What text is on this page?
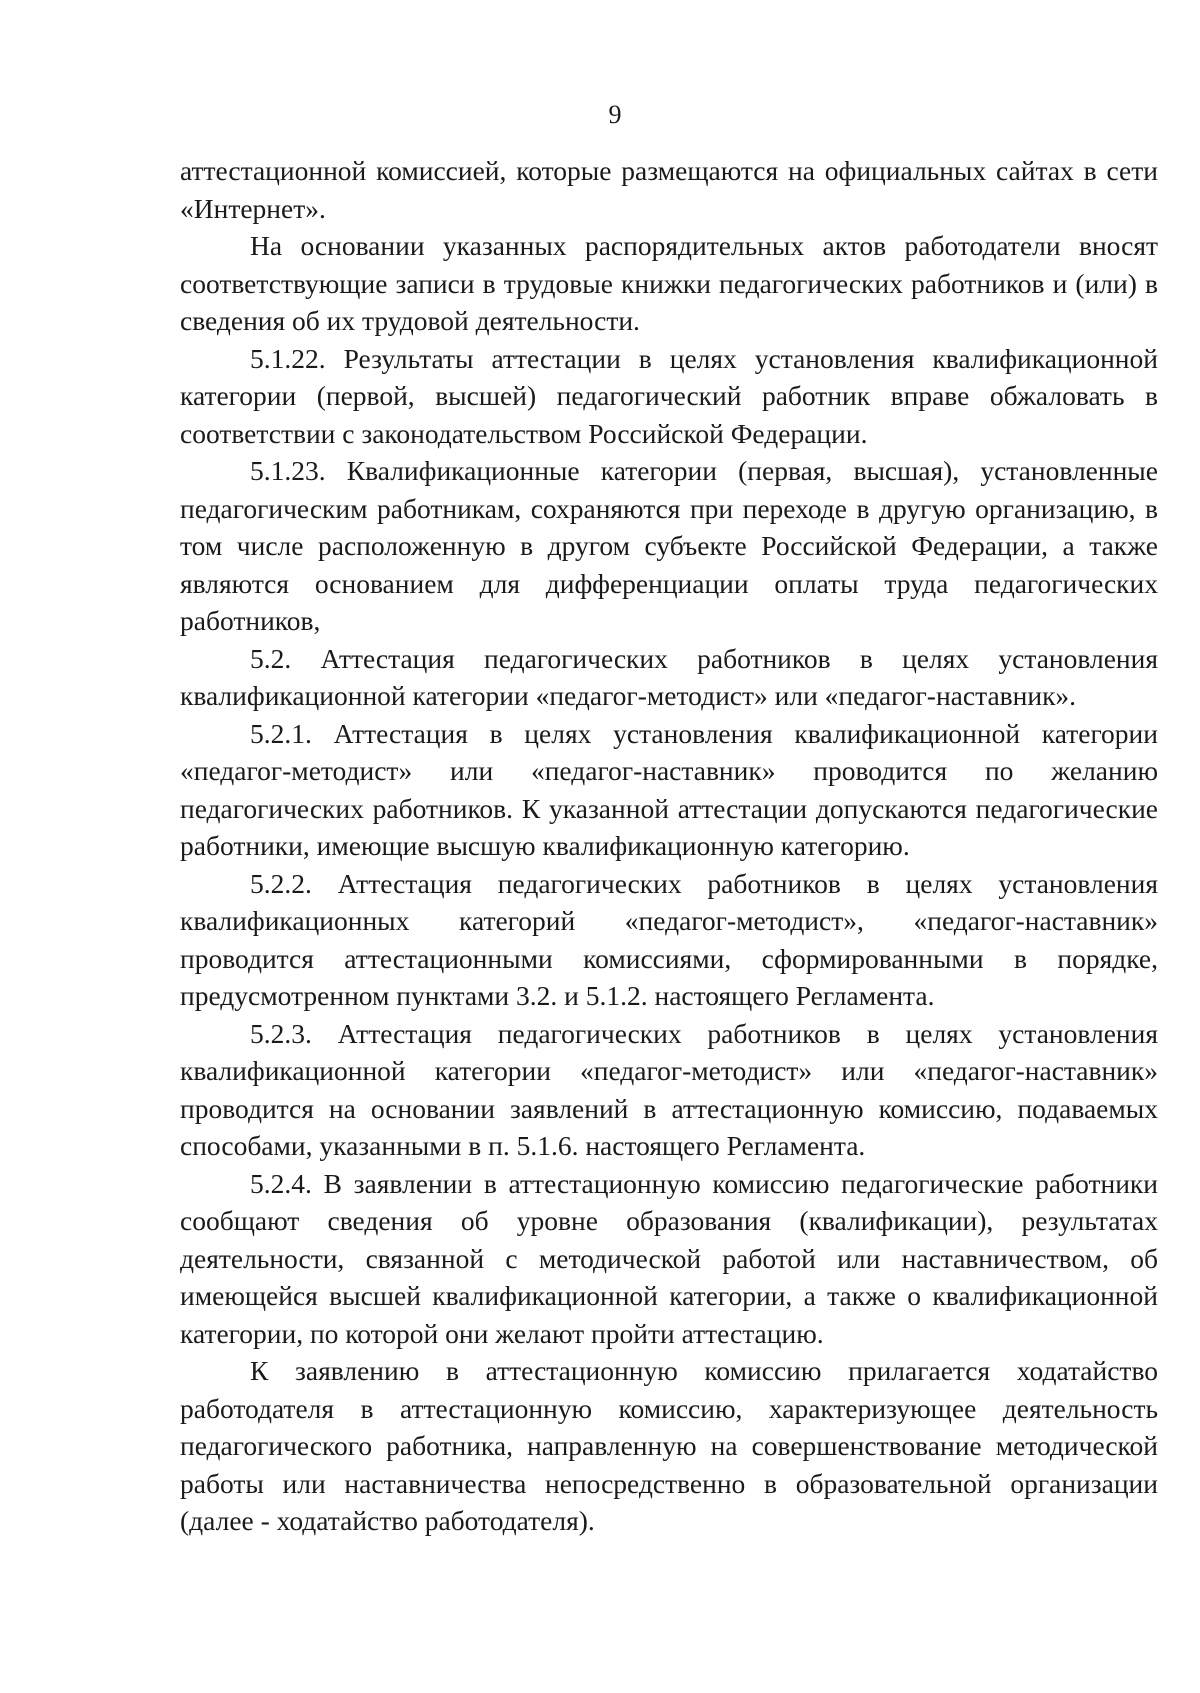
9

аттестационной комиссией, которые размещаются на официальных сайтах в сети «Интернет».

На основании указанных распорядительных актов работодатели вносят соответствующие записи в трудовые книжки педагогических работников и (или) в сведения об их трудовой деятельности.

5.1.22. Результаты аттестации в целях установления квалификационной категории (первой, высшей) педагогический работник вправе обжаловать в соответствии с законодательством Российской Федерации.

5.1.23. Квалификационные категории (первая, высшая), установленные педагогическим работникам, сохраняются при переходе в другую организацию, в том числе расположенную в другом субъекте Российской Федерации, а также являются основанием для дифференциации оплаты труда педагогических работников,

5.2. Аттестация педагогических работников в целях установления квалификационной категории «педагог-методист» или «педагог-наставник».

5.2.1. Аттестация в целях установления квалификационной категории «педагог-методист» или «педагог-наставник» проводится по желанию педагогических работников. К указанной аттестации допускаются педагогические работники, имеющие высшую квалификационную категорию.

5.2.2. Аттестация педагогических работников в целях установления квалификационных категорий «педагог-методист», «педагог-наставник» проводится аттестационными комиссиями, сформированными в порядке, предусмотренном пунктами 3.2. и 5.1.2. настоящего Регламента.

5.2.3. Аттестация педагогических работников в целях установления квалификационной категории «педагог-методист» или «педагог-наставник» проводится на основании заявлений в аттестационную комиссию, подаваемых способами, указанными в п. 5.1.6. настоящего Регламента.

5.2.4. В заявлении в аттестационную комиссию педагогические работники сообщают сведения об уровне образования (квалификации), результатах деятельности, связанной с методической работой или наставничеством, об имеющейся высшей квалификационной категории, а также о квалификационной категории, по которой они желают пройти аттестацию.

К заявлению в аттестационную комиссию прилагается ходатайство работодателя в аттестационную комиссию, характеризующее деятельность педагогического работника, направленную на совершенствование методической работы или наставничества непосредственно в образовательной организации (далее - ходатайство работодателя).
